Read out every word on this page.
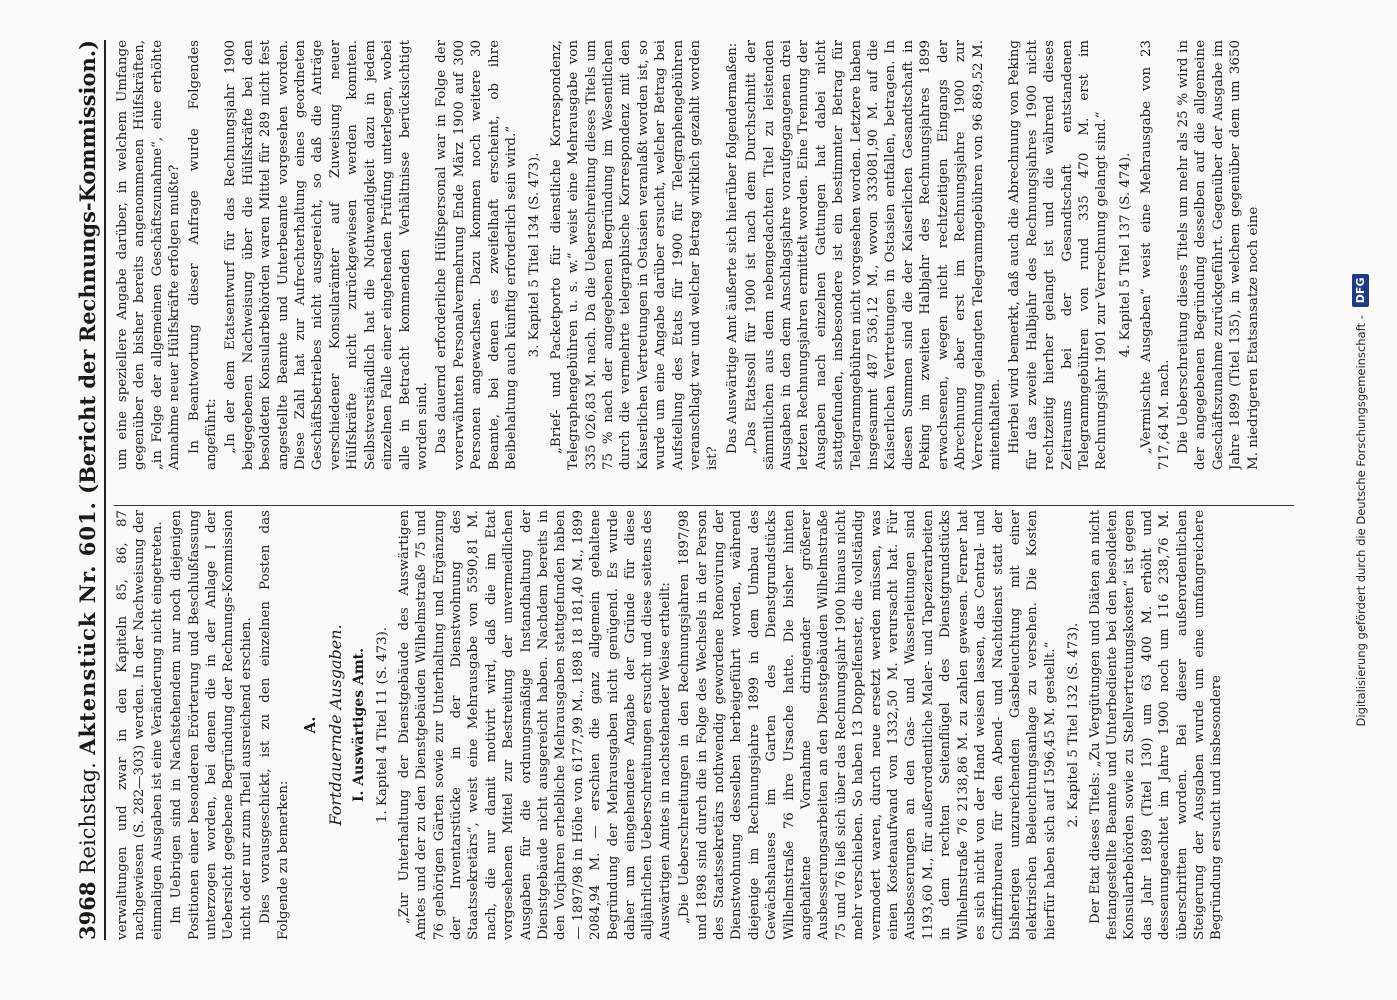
3968
Reichstag.
Aktenstück Nr. 601.
(Bericht der Rechnungs-Kommission.)

verwaltungen und zwar in den Kapiteln 85, 86, 87 nachgewiesen (S. 282—303) werden. In der Nachweisung der einmaligen Ausgaben ist eine Veränderung nicht eingetreten. Im Uebrigen sind in Nachstehendem nur noch diejenigen Positionen einer besonderen Erörterung und Beschlußfassung unterzogen worden, bei denen die in der Anlage I der Uebersicht gegebene Begründung der Rechnungs-Kommission nicht oder nur zum Theil ausreichend erschien. Dies vorausgeschickt, ist zu den einzelnen Posten das Folgende zu bemerken:

A. Fortdauernde Ausgaben. I. Auswärtiges Amt. 1. Kapitel 4 Titel 11 (S. 473). „Zur Unterhaltung der Dienstgebäude des Auswärtigen Amtes und der zu den Dienstgebäuden Wilhelmstraße 75 und 76 gehörigen Gärten sowie zur Unterhaltung und Ergänzung der Inventarstücke in der Dienstwohnung des Staatssekretärs“, weist eine Mehrausgabe von 5590,81 M. nach, die nur damit motivirt wird, daß die im Etat vorgesehenen Mittel zur Bestreitung der unvermeidlichen Ausgaben für die ordnungsmäßige Instandhaltung der Dienstgebäude nicht ausgereicht haben. Nachdem bereits in den Vorjahren erhebliche Mehrausgaben stattgefunden haben — 1897/98 in Höhe von 6177,99 M., 1898 18 181,40 M., 1899 2084,94 M. — erschien die ganz allgemein gehaltene Begründung der Mehrausgaben nicht genügend. Es wurde daher um eingehendere Angabe der Gründe für diese alljährlichen Ueberschreitungen ersucht und diese seitens des Auswärtigen Amtes in nachstehender Weise ertheilt: „Die Ueberschreitungen in den Rechnungsjahren 1897/98 und 1898 sind durch die in Folge des Wechsels in der Person des Staatssekretärs nothwendig gewordene Renovirung der Dienstwohnung desselben herbeigeführt worden, während diejenige im Rechnungsjahre 1899 in dem Umbau des Gewächshauses im Garten des Dienstgrundstücks Wilhelmstraße 76 ihre Ursache hatte. Die bisher hinten angehaltene Vornahme dringender größerer Ausbesserungsarbeiten an den Dienstgebäuden Wilhelmstraße 75 und 76 ließ sich über das Rechnungsjahr 1900 hinaus nicht mehr verschieben. So haben 13 Doppelfenster, die vollständig vermodert waren, durch neue ersetzt werden müssen, was einen Kostenaufwand von 1332,50 M. verursacht hat. Für Ausbesserungen an den Gas- und Wasserleitungen sind 1193,60 M., für außerordentliche Maler- und Tapezierarbeiten in dem rechten Seitenflügel des Dienstgrundstücks Wilhelmstraße 76 2138,86 M. zu zahlen gewesen. Ferner hat es sich nicht von der Hand weisen lassen, das Central- und Chiffrirbureau für den Abend- und Nachtdienst statt der bisherigen unzureichenden Gasbeleuchtung mit einer elektrischen Beleuchtungsanlage zu versehen. Die Kosten hierfür haben sich auf 1596,45 M. gestellt.“ 2. Kapitel 5 Titel 132 (S. 473). Der Etat dieses Titels: „Zu Vergütungen und Diäten an nicht festangestellte Beamte und Unterbediente bei den besoldeten Konsularbehörden sowie zu Stellvertretungskosten“ ist gegen das Jahr 1899 (Titel 130) um 63 400 M. erhöht und dessenungeachtet im Jahre 1900 noch um 116 238,76 M. überschritten worden. Bei dieser außerordentlichen Steigerung der Ausgaben wurde um eine umfangreichere Begründung ersucht und insbesondere

um eine speziellere Angabe darüber, in welchem Umfange gegenüber den bisher bereits angenommenen Hülfskräften, „in Folge der allgemeinen Geschäftszunahme“, eine erhöhte Annahme neuer Hülfskräfte erfolgen mußte? In Beantwortung dieser Anfrage wurde Folgendes angeführt: „In der dem Etatsentwurf für das Rechnungsjahr 1900 beigegebenen Nachweisung über die Hülfskräfte bei den besoldeten Konsularbehörden waren Mittel für 289 nicht fest angestellte Beamte und Unterbeamte vorgesehen worden. Diese Zahl hat zur Aufrechterhaltung eines geordneten Geschäftsbetriebes nicht ausgereicht, so daß die Anträge verschiedener Konsularämter auf Zuweisung neuer Hülfskräfte nicht zurückgewiesen werden konnten. Selbstverständlich hat die Nothwendigkeit dazu in jedem einzelnen Falle einer eingehenden Prüfung unterlegen, wobei alle in Betracht kommenden Verhältnisse berücksichtigt worden sind. Das dauernd erforderliche Hülfspersonal war in Folge der vorerwähnten Personalvermehrung Ende März 1900 auf 300 Personen angewachsen. Dazu kommen noch weitere 30 Beamte, bei denen es zweifelhaft erscheint, ob ihre Beibehaltung auch künftig erforderlich sein wird.“ 3. Kapitel 5 Titel 134 (S. 473). „Brief- und Packetporto für dienstliche Korrespondenz, Telegraphengebühren u. s. w.“ weist eine Mehrausgabe von 335 026,83 M. nach. Da die Ueberschreitung dieses Titels um 75 % nach der angegebenen Begründung im Wesentlichen durch die vermehrte telegraphische Korrespondenz mit den Kaiserlichen Vertretungen in Ostasien veranlaßt worden ist, so wurde um eine Angabe darüber ersucht, welcher Betrag bei Aufstellung des Etats für 1900 für Telegraphengebühren veranschlagt war und welcher Betrag wirklich gezahlt worden ist?

Das Auswärtige Amt äußerte sich hierüber folgendermaßen: „Das Etatssoll für 1900 ist nach dem Durchschnitt der sämmtlichen aus dem nebengedachten Titel zu leistenden Ausgaben in den dem Anschlagsjahre voraufgegangenen drei letzten Rechnungsjahren ermittelt worden. Eine Trennung der Ausgaben nach einzelnen Gattungen hat dabei nicht stattgefunden, insbesondere ist ein bestimmter Betrag für Telegrammgebühren nicht vorgesehen worden. Letztere haben insgesammt 487 536,12 M., wovon 333081,90 M. auf die Kaiserlichen Vertretungen in Ostasien entfallen, betragen. In diesen Summen sind die der Kaiserlichen Gesandtschaft in Peking im zweiten Halbjahr des Rechnungsjahres 1899 erwachsenen, wegen nicht rechtzeitigen Eingangs der Abrechnung aber erst im Rechnungsjahre 1900 zur Verrechnung gelangten Telegrammgebühren von 96 869,52 M. mitenthalten. Hierbei wird bemerkt, daß auch die Abrechnung von Peking für das zweite Halbjahr des Rechnungsjahres 1900 nicht rechtzeitig hierher gelangt ist und die während dieses Zeitraums bei der Gesandtschaft entstandenen Telegrammgebühren von rund 335 470 M. erst im Rechnungsjahr 1901 zur Verrechnung gelangt sind.“ 4. Kapitel 5 Titel 137 (S. 474). „Vermischte Ausgaben“ weist eine Mehrausgabe von 23 717,64 M. nach. Die Ueberschreitung dieses Titels um mehr als 25 % wird in der angegebenen Begründung desselben auf die allgemeine Geschäftszunahme zurückgeführt. Gegenüber der Ausgabe im Jahre 1899 (Titel 135), in welchem gegenüber dem um 3650 M. niedrigeren Etatsansatze noch eine	Digitalisierung gefördert durch die Deutsche Forschungsgemeinschaft -
DFG
